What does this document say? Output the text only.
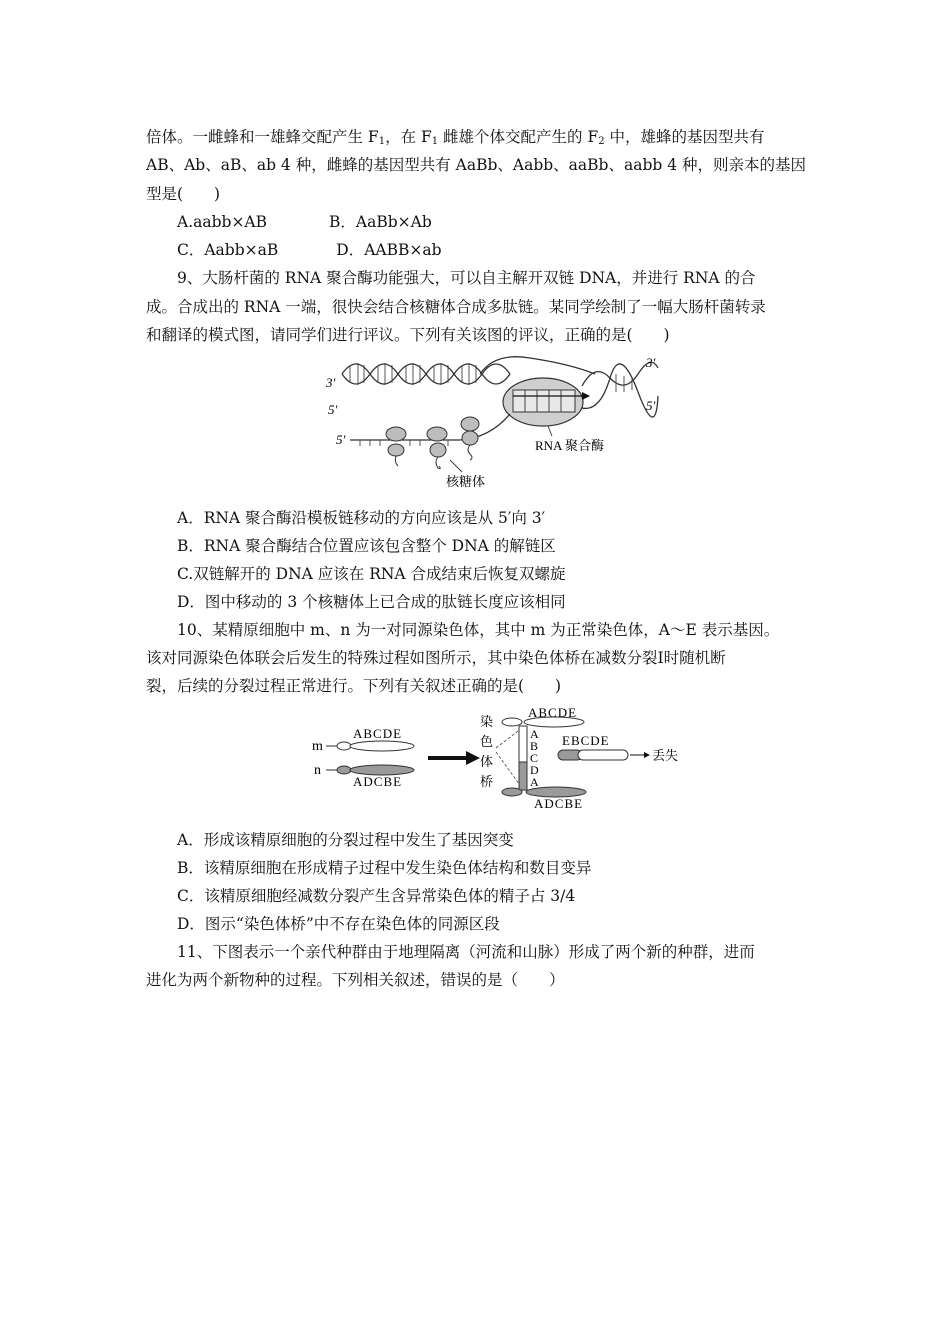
倍体。一雌蜂和一雄蜂交配产生 $F_1$，在 $F_1$ 雌雄个体交配产生的 $F_2$ 中，雄蜂的基因型共有
AB、Ab、aB、ab 4 种，雌蜂的基因型共有 AaBb、Aabb、aaBb、aabb 4 种，则亲本的基因
型是(　　)
A.aabb×AB	B．AaBb×Ab
C．Aabb×aB	D．AABB×ab
9、大肠杆菌的 RNA 聚合酶功能强大，可以自主解开双链 DNA，并进行 RNA 的合
成。合成出的 RNA 一端，很快会结合核糖体合成多肽链。某同学绘制了一幅大肠杆菌转录
和翻译的模式图，请同学们进行评议。下列有关该图的评议，正确的是(　　)
3′
5′
3′
5′
5′	RNA 聚合酶
核糖体
A．RNA 聚合酶沿模板链移动的方向应该是从 5′向 3′
B．RNA 聚合酶结合位置应该包含整个 DNA 的解链区
C.双链解开的 DNA 应该在 RNA 合成结束后恢复双螺旋
D．图中移动的 3 个核糖体上已合成的肽链长度应该相同
10、某精原细胞中 m、n 为一对同源染色体，其中 m 为正常染色体，A～E 表示基因。
该对同源染色体联会后发生的特殊过程如图所示，其中染色体桥在减数分裂Ⅰ时随机断
裂，后续的分裂过程正常进行。下列有关叙述正确的是(　　)
m
n
ABCDE
ADCBE
染
色
体
桥
ABCDE
A
B
C
D
A
ADCBE
EBCDE
丢失
A．形成该精原细胞的分裂过程中发生了基因突变
B．该精原细胞在形成精子过程中发生染色体结构和数目变异
C．该精原细胞经减数分裂产生含异常染色体的精子占 3/4
D．图示“染色体桥”中不存在染色体的同源区段
11、下图表示一个亲代种群由于地理隔离（河流和山脉）形成了两个新的种群，进而
进化为两个新物种的过程。下列相关叙述，错误的是（　　）
